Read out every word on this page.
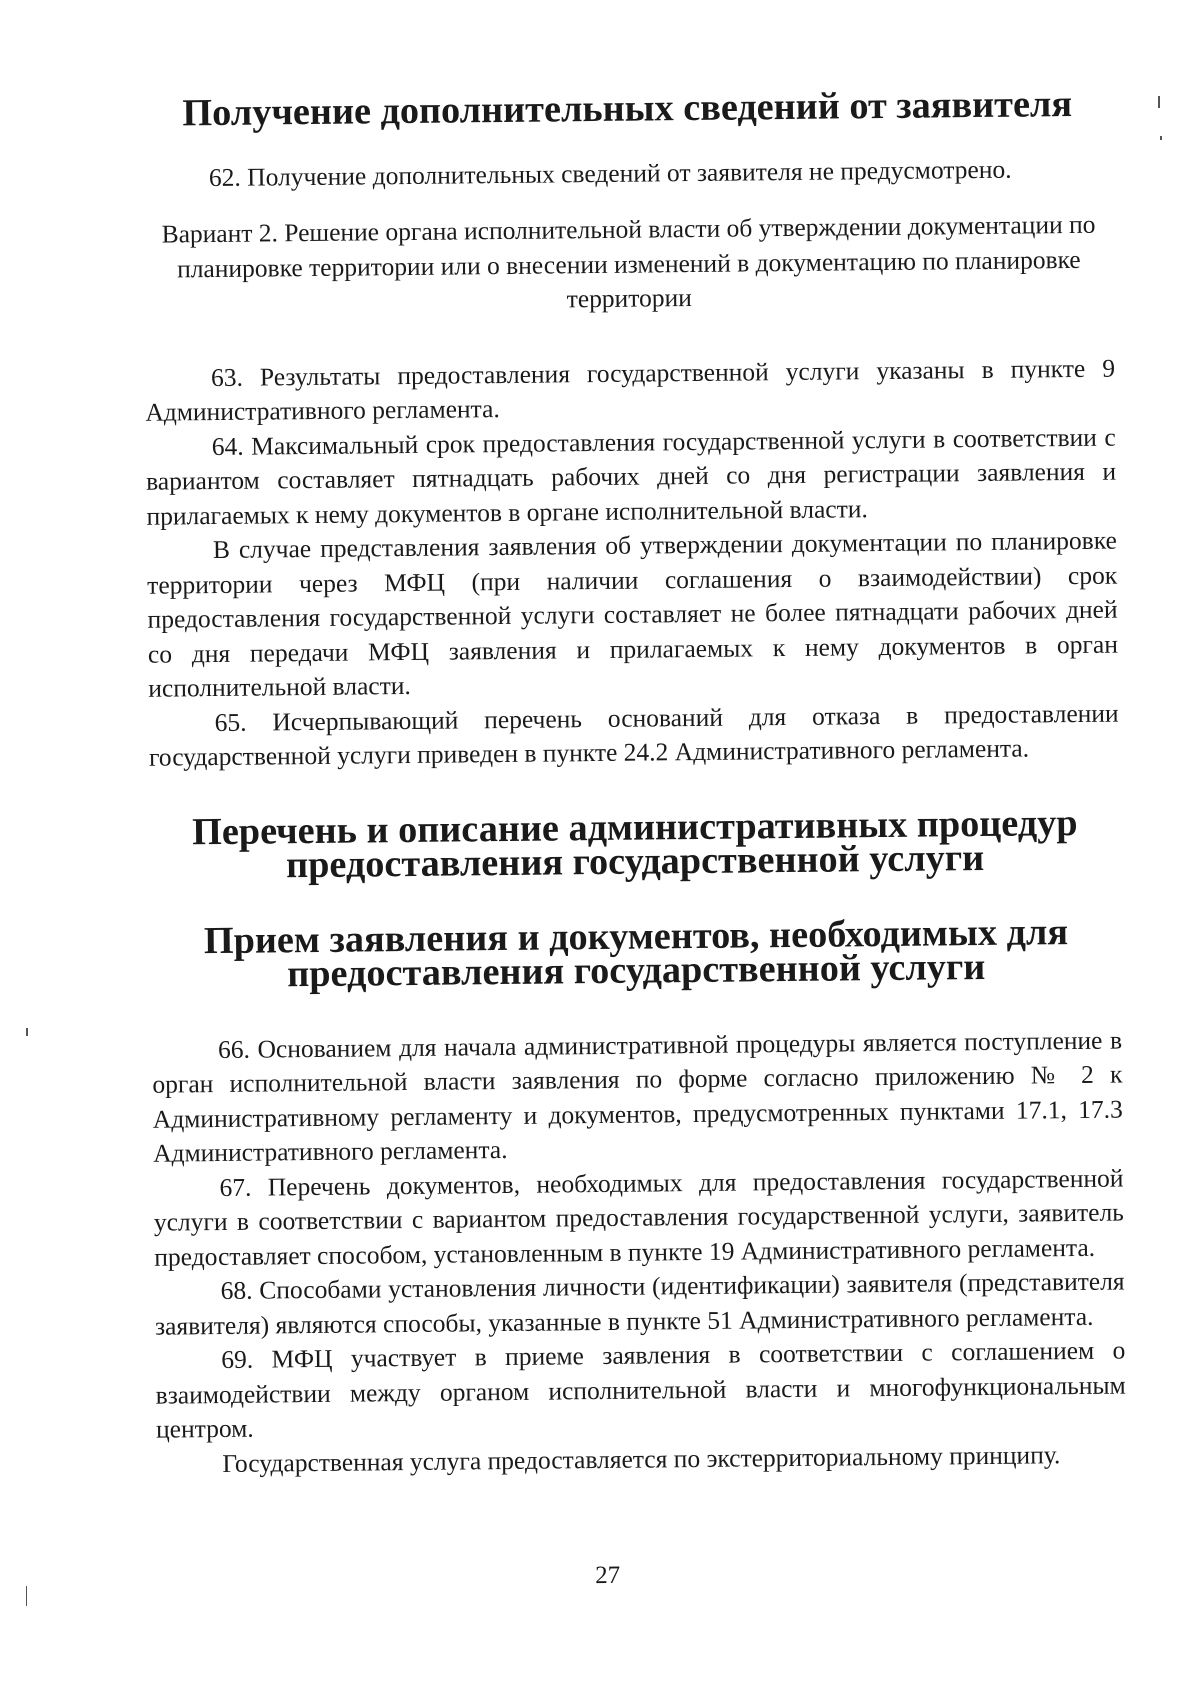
Получение дополнительных сведений от заявителя

62. Получение дополнительных сведений от заявителя не предусмотрено.

Вариант 2. Решение органа исполнительной власти об утверждении документации по планировке территории или о внесении изменений в документацию по планировке территории

63. Результаты предоставления государственной услуги указаны в пункте 9 Административного регламента.

64. Максимальный срок предоставления государственной услуги в соответствии с вариантом составляет пятнадцать рабочих дней со дня регистрации заявления и прилагаемых к нему документов в органе исполнительной власти.

В случае представления заявления об утверждении документации по планировке территории через МФЦ (при наличии соглашения о взаимодействии) срок предоставления государственной услуги составляет не более пятнадцати рабочих дней со дня передачи МФЦ заявления и прилагаемых к нему документов в орган исполнительной власти.

65. Исчерпывающий перечень оснований для отказа в предоставлении государственной услуги приведен в пункте 24.2 Административного регламента.

Перечень и описание административных процедур предоставления государственной услуги
Прием заявления и документов, необходимых для предоставления государственной услуги

66. Основанием для начала административной процедуры является поступление в орган исполнительной власти заявления по форме согласно приложению № 2 к Административному регламенту и документов, предусмотренных пунктами 17.1, 17.3 Административного регламента.

67. Перечень документов, необходимых для предоставления государственной услуги в соответствии с вариантом предоставления государственной услуги, заявитель предоставляет способом, установленным в пункте 19 Административного регламента.

68. Способами установления личности (идентификации) заявителя (представителя заявителя) являются способы, указанные в пункте 51 Административного регламента.

69. МФЦ участвует в приеме заявления в соответствии с соглашением о взаимодействии между органом исполнительной власти и многофункциональным центром.

Государственная услуга предоставляется по экстерриториальному принципу.

27
